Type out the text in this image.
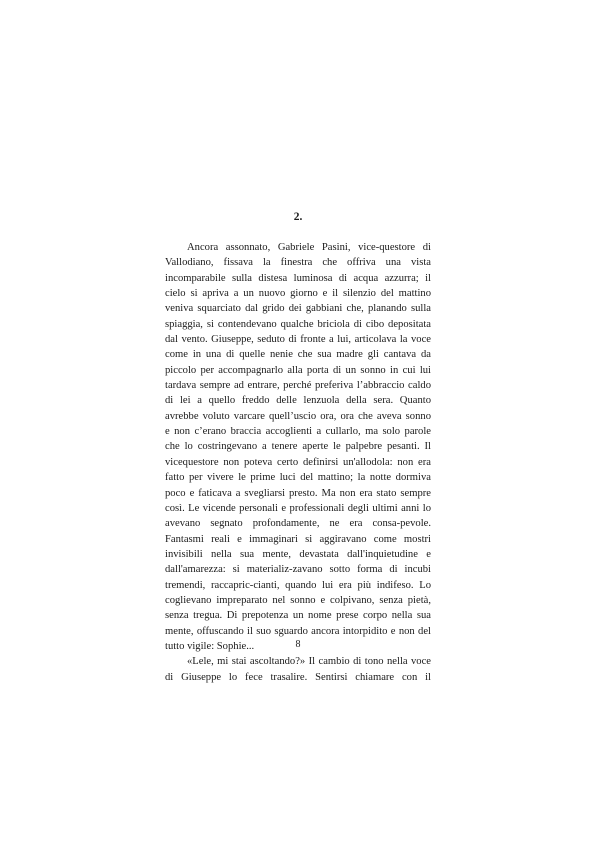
2.
Ancora assonnato, Gabriele Pasini, vice-questore di
Vallodiano, fissava la finestra che offriva una vista
incomparabile sulla distesa luminosa di acqua azzurra; il
cielo si apriva a un nuovo giorno e il silenzio del mattino
veniva squarciato dal grido dei gabbiani che, planando sulla
spiaggia, si contendevano qualche briciola di cibo depositata
dal vento. Giuseppe, seduto di fronte a lui, articolava la voce
come in una di quelle nenie che sua madre gli cantava da
piccolo per accompagnarlo alla porta di un sonno in cui lui
tardava sempre ad entrare, perché preferiva l’abbraccio caldo
di lei a quello freddo delle lenzuola della sera. Quanto
avrebbe voluto varcare quell’uscio ora, ora che aveva sonno
e non c’erano braccia accoglienti a cullarlo, ma solo parole
che lo costringevano a tenere aperte le palpebre pesanti. Il
vicequestore non poteva certo definirsi un'allodola: non era
fatto per vivere le prime luci del mattino; la notte dormiva
poco e faticava a svegliarsi presto. Ma non era stato sempre
così. Le vicende personali e professionali degli ultimi anni lo
avevano segnato profondamente, ne era consa-pevole.
Fantasmi reali e immaginari si aggiravano come mostri
invisibili nella sua mente, devastata dall'inquietudine e
dall'amarezza: si materializ-zavano sotto forma di incubi
tremendi, raccapric-cianti, quando lui era più indifeso. Lo
coglievano impreparato nel sonno e colpivano, senza pietà,
senza tregua. Di prepotenza un nome prese corpo nella sua
mente, offuscando il suo sguardo ancora intorpidito e non del
tutto vigile: Sophie...
«Lele, mi stai ascoltando?» Il cambio di tono nella voce
di Giuseppe lo fece trasalire. Sentirsi chiamare con il
8
